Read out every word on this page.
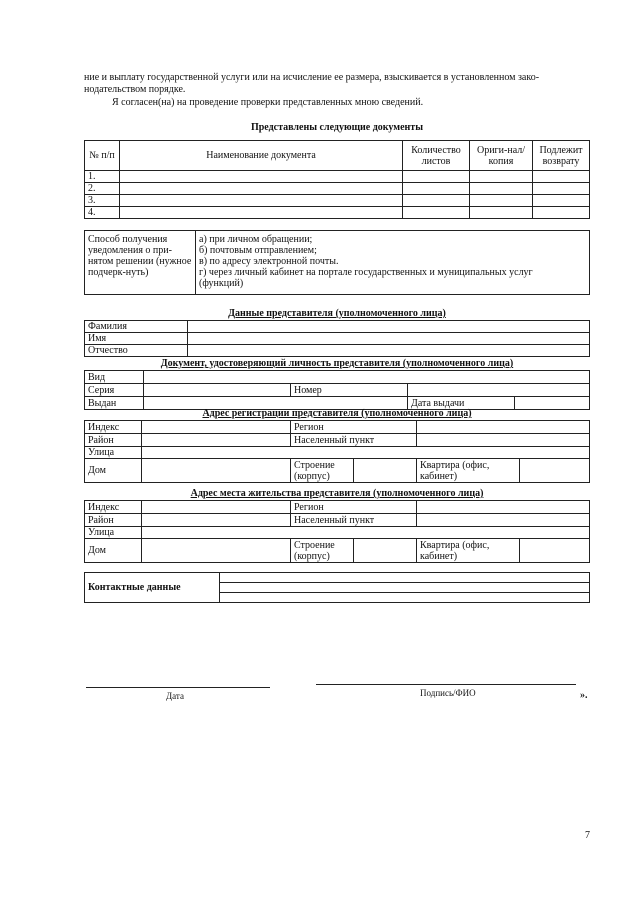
ние и выплату государственной услуги или на исчисление ее размера, взыскивается в установленном зако-
нодательством порядке.
Я согласен(на) на проведение проверки представленных мною сведений.
Представлены следующие документы
№ п/п	Наименование документа	Количество листов	Ориги-нал/копия	Подлежит возврату
1.				
2.				
3.				
4.				
Способ получения уведомления о при-нятом решении (нужное подчерк-нуть)	
а) при личном обращении;
б) почтовым отправлением;
в) по адресу электронной почты.
г) через личный кабинет на портале государственных и муниципальных услуг
(функций)
Данные представителя (уполномоченного лица)
Фамилия	
Имя	
Отчество	
Документ, удостоверяющий личность представителя (уполномоченного лица)
Вид				
Серия		Номер		
Выдан			Дата выдачи	
Адрес регистрации представителя (уполномоченного лица)
Индекс		Регион			
Район		Населенный пункт			
Улица					
Дом		Строение (корпус)		Квартира (офис, кабинет)	
Адрес места жительства представителя (уполномоченного лица)
Индекс		Регион			
Район		Населенный пункт			
Улица					
Дом		Строение (корпус)		Квартира (офис, кабинет)	
Контактные данные	

Дата	Подпись/ФИО	».
7
